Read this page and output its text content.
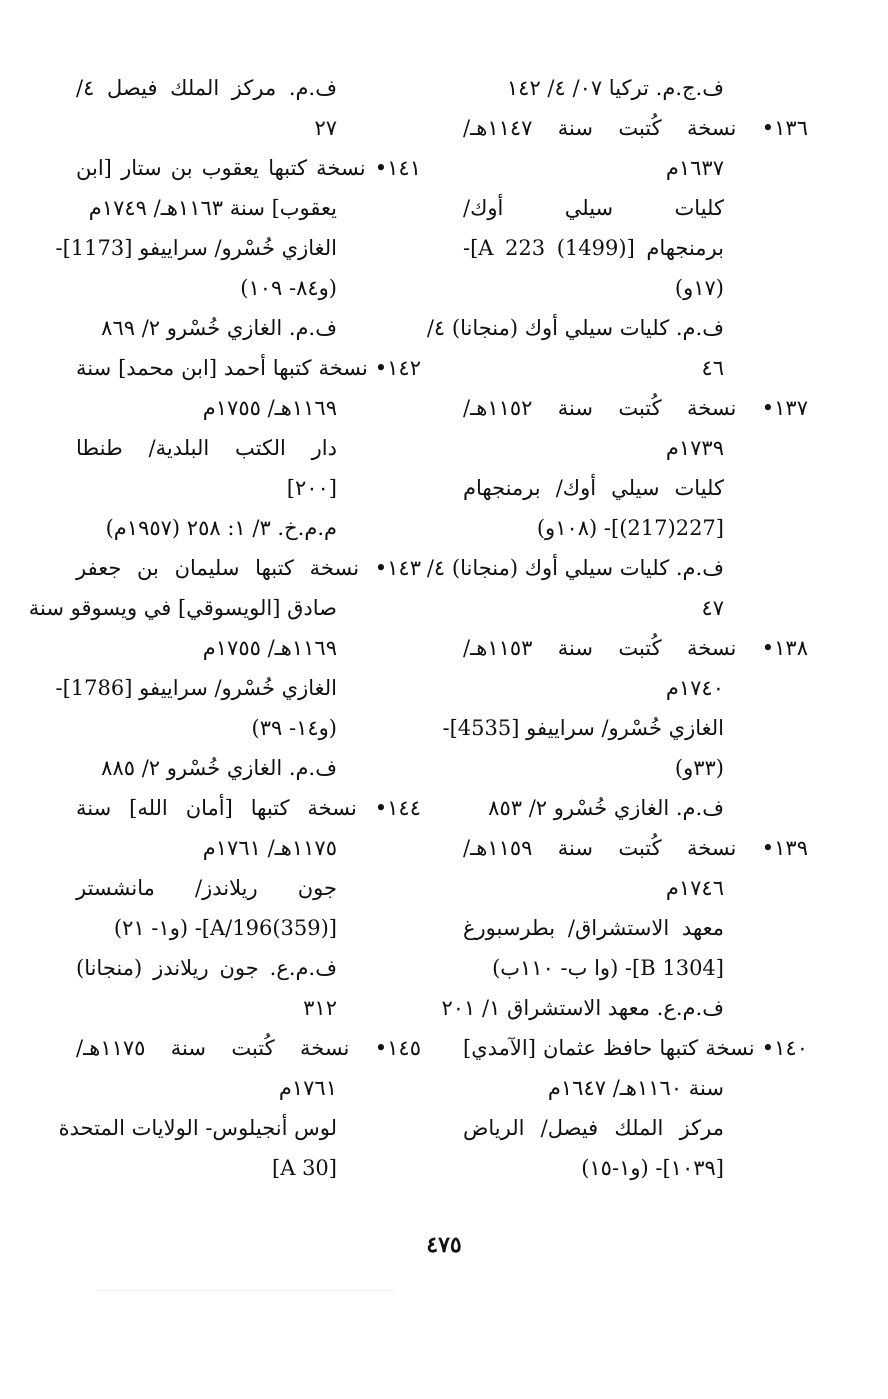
ف.ج.م. تركيا ٠٧/ ٤/ ١٤٢
١٣٦• نسخة كُتبت سنة ١١٤٧هـ/
١٦٣٧م
كليات سيلي أوك/
برمنجهام [(1499) 223 A]-
(١٧و)
ف.م. كليات سيلي أوك (منجانا) ٤/
٤٦
١٣٧• نسخة كُتبت سنة ١١٥٢هـ/
١٧٣٩م
كليات سيلي أوك/ برمنجهام
[227(217)]- (١٠٨و)
ف.م. كليات سيلي أوك (منجانا) ٤/
٤٧
١٣٨• نسخة كُتبت سنة ١١٥٣هـ/
١٧٤٠م
الغازي خُسْرو/ سراييفو [4535]-
(٣٣و)
ف.م. الغازي خُسْرو ٢/ ٨٥٣
١٣٩• نسخة كُتبت سنة ١١٥٩هـ/
١٧٤٦م
معهد الاستشراق/ بطرسبورغ
[B 1304]- (وا ب- ١١٠ب)
ف.م.ع. معهد الاستشراق ١/ ٢٠١
١٤٠• نسخة كتبها حافظ عثمان [الآمدي]
سنة ١١٦٠هـ/ ١٦٤٧م
مركز الملك فيصل/ الرياض
[١٠٣٩]- (و١-١٥)
ف.م. مركز الملك فيصل ٤/
٢٧
١٤١• نسخة كتبها يعقوب بن ستار [ابن
يعقوب] سنة ١١٦٣هـ/ ١٧٤٩م
الغازي خُسْرو/ سراييفو [1173]-
(و٨٤- ١٠٩)
ف.م. الغازي خُسْرو ٢/ ٨٦٩
١٤٢• نسخة كتبها أحمد [ابن محمد] سنة
١١٦٩هـ/ ١٧٥٥م
دار الكتب البلدية/ طنطا
[٢٠٠]
م.م.خ. ٣/ ١: ٢٥٨ (١٩٥٧م)
١٤٣• نسخة كتبها سليمان بن جعفر
صادق [الويسوقي] في ويسوقو سنة
١١٦٩هـ/ ١٧٥٥م
الغازي خُسْرو/ سراييفو [1786]-
(و١٤- ٣٩)
ف.م. الغازي خُسْرو ٢/ ٨٨٥
١٤٤• نسخة كتبها [أمان الله] سنة
١١٧٥هـ/ ١٧٦١م
جون ريلاندز/ مانشستر
[A/196(359)]- (و١- ٢١)
ف.م.ع. جون ريلاندز (منجانا)
٣١٢
١٤٥• نسخة كُتبت سنة ١١٧٥هـ/
١٧٦١م
لوس أنجيلوس- الولايات المتحدة
[A 30]
٤٧٥
